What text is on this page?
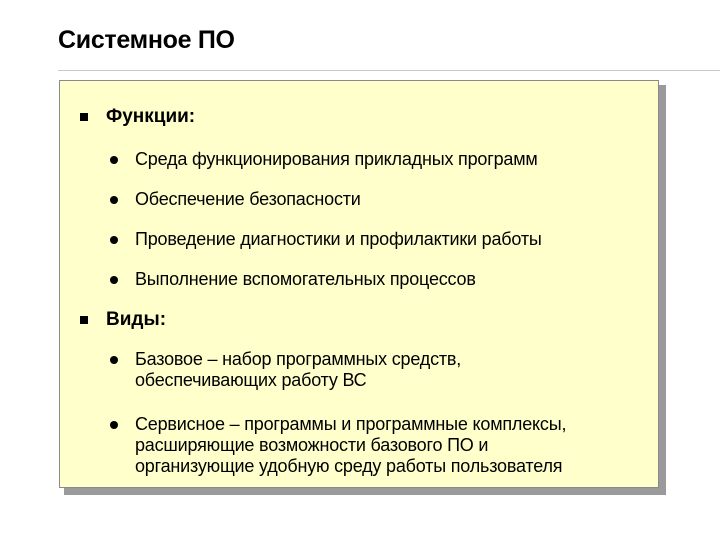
Системное ПО
Функции:
Среда функционирования прикладных программ
Обеспечение безопасности
Проведение диагностики и профилактики работы
Выполнение вспомогательных процессов
Виды:
Базовое – набор программных средств,
обеспечивающих работу ВС
Сервисное – программы и программные комплексы,
расширяющие возможности базового ПО и
организующие удобную среду работы пользователя
